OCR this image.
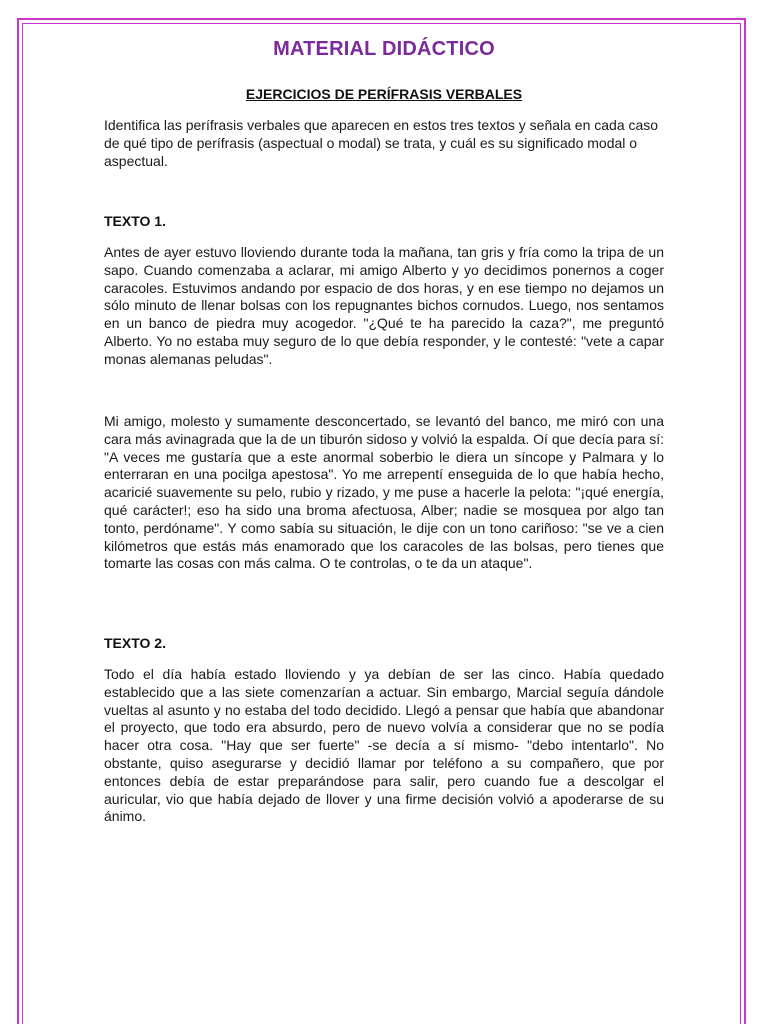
MATERIAL DIDÁCTICO
EJERCICIOS DE PERÍFRASIS VERBALES
Identifica las perífrasis verbales que aparecen en estos tres textos y señala en cada caso de qué tipo de perífrasis (aspectual o modal) se trata, y cuál es su significado modal o aspectual.
TEXTO 1.
Antes de ayer estuvo lloviendo durante toda la mañana, tan gris y fría como la tripa de un sapo. Cuando comenzaba a aclarar, mi amigo Alberto y yo decidimos ponernos a coger caracoles. Estuvimos andando por espacio de dos horas, y en ese tiempo no dejamos un sólo minuto de llenar bolsas con los repugnantes bichos cornudos. Luego, nos sentamos en un banco de piedra muy acogedor. "¿Qué te ha parecido la caza?", me preguntó Alberto. Yo no estaba muy seguro de lo que debía responder, y le contesté: "vete a capar monas alemanas peludas".
Mi amigo, molesto y sumamente desconcertado, se levantó del banco, me miró con una cara más avinagrada que la de un tiburón sidoso y volvió la espalda. Oí que decía para sí: "A veces me gustaría que a este anormal soberbio le diera un síncope y Palmara y lo enterraran en una pocilga apestosa". Yo me arrepentí enseguida de lo que había hecho, acaricié suavemente su pelo, rubio y rizado, y me puse a hacerle la pelota: "¡qué energía, qué carácter!; eso ha sido una broma afectuosa, Alber; nadie se mosquea por algo tan tonto, perdóname". Y como sabía su situación, le dije con un tono cariñoso: "se ve a cien kilómetros que estás más enamorado que los caracoles de las bolsas, pero tienes que tomarte las cosas con más calma. O te controlas, o te da un ataque".
TEXTO 2.
Todo el día había estado lloviendo y ya debían de ser las cinco. Había quedado establecido que a las siete comenzarían a actuar. Sin embargo, Marcial seguía dándole vueltas al asunto y no estaba del todo decidido. Llegó a pensar que había que abandonar el proyecto, que todo era absurdo, pero de nuevo volvía a considerar que no se podía hacer otra cosa. "Hay que ser fuerte" -se decía a sí mismo- "debo intentarlo". No obstante, quiso asegurarse y decidió llamar por teléfono a su compañero, que por entonces debía de estar preparándose para salir, pero cuando fue a descolgar el auricular, vio que había dejado de llover y una firme decisión volvió a apoderarse de su ánimo.
